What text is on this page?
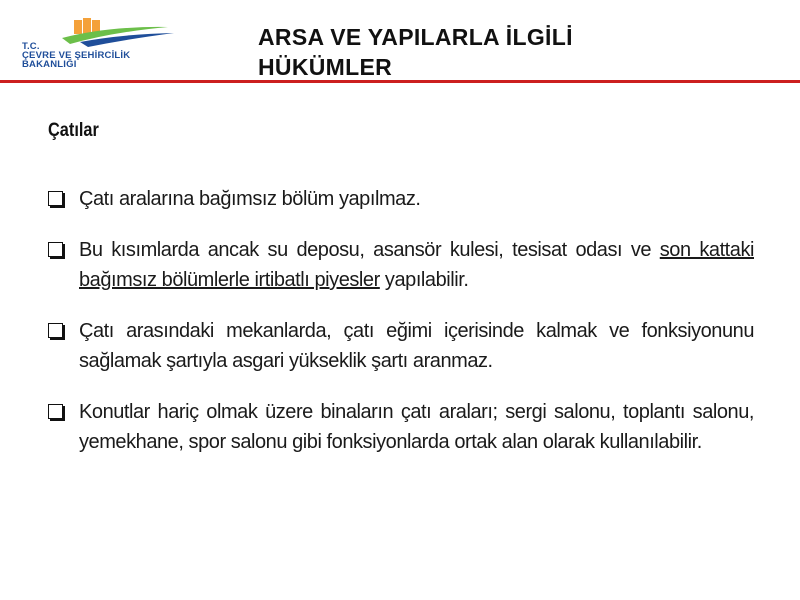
T.C.
ÇEVRE VE ŞEHİRCİLİK
BAKANLIĞI
ARSA VE YAPILARLA İLGİLİ
HÜKÜMLER
Çatılar
Çatı aralarına bağımsız bölüm yapılmaz.
Bu kısımlarda ancak su deposu, asansör kulesi, tesisat odası ve son kattaki bağımsız bölümlerle irtibatlı piyesler yapılabilir.
Çatı arasındaki mekanlarda, çatı eğimi içerisinde kalmak ve fonksiyonunu sağlamak şartıyla asgari yükseklik şartı aranmaz.
Konutlar hariç olmak üzere binaların çatı araları; sergi salonu, toplantı salonu, yemekhane, spor salonu gibi fonksiyonlarda ortak alan olarak kullanılabilir.
